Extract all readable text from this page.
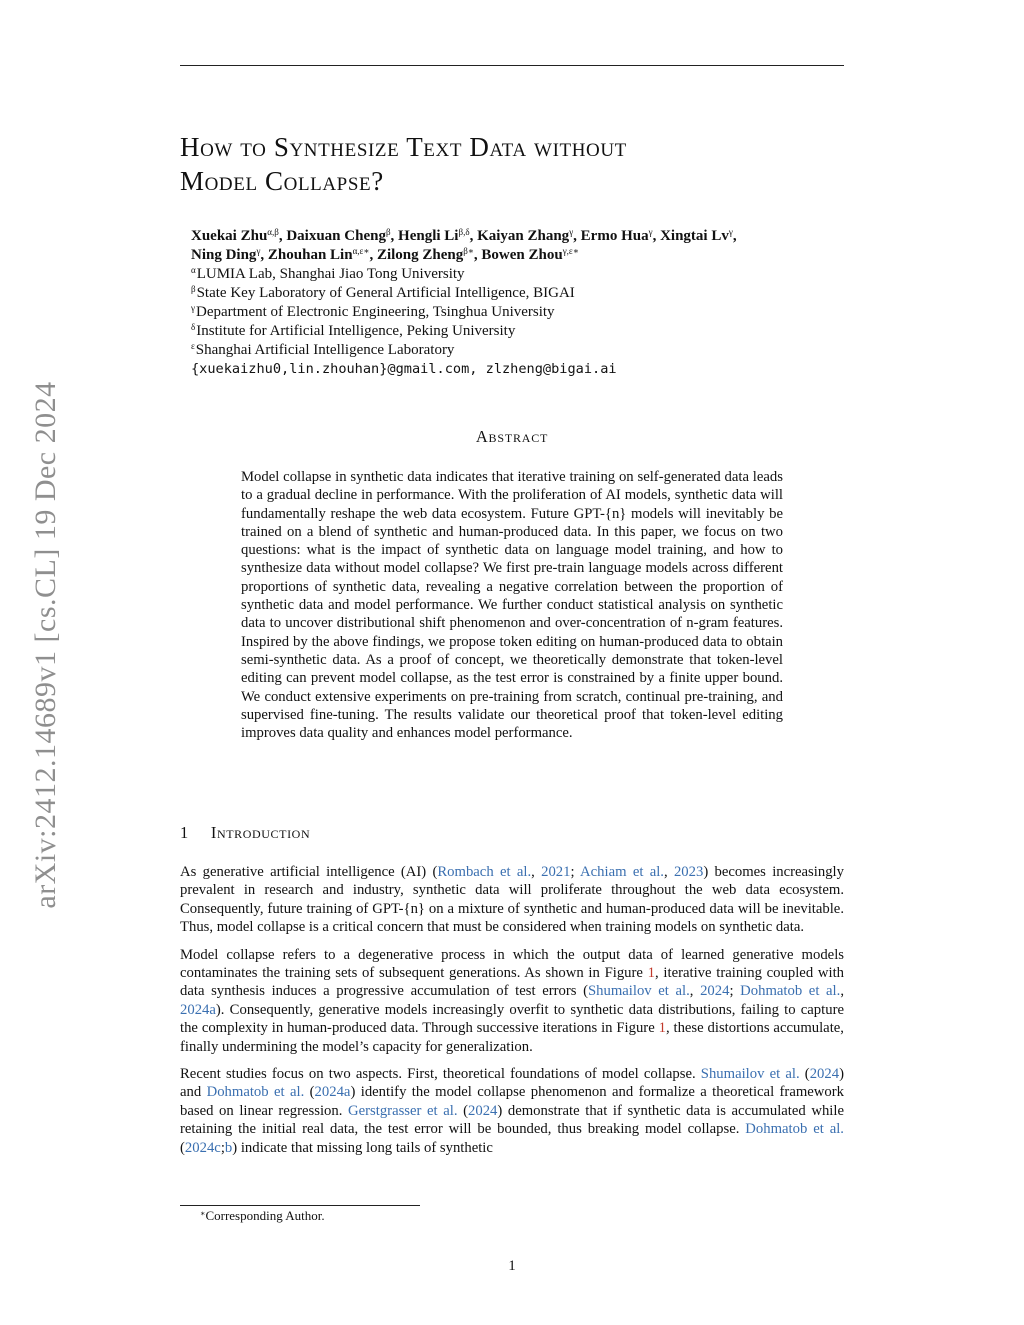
arXiv:2412.14689v1 [cs.CL] 19 Dec 2024
How to Synthesize Text Data without
Model Collapse?
Xuekai Zhu$^{\alpha,\beta}$, Daixuan Cheng$^\beta$, Hengli $Li^{\beta,\delta}$, Kaiyan Zhang$^\gamma$, Ermo Hua$^\gamma$, Xingtai $Lv^\gamma$,
Ning Ding$^\gamma$, Zhouhan Lin$^{\alpha,\varepsilon∗}$, Zilong Zheng$^{\beta∗}$, Bowen Zhou$^{\gamma,\varepsilon∗}$
$^\alpha$LUMIA Lab, Shanghai Jiao Tong University
$^\beta$State Key Laboratory of General Artificial Intelligence, BIGAI
$^\gamma$Department of Electronic Engineering, Tsinghua University
$^\delta$Institute for Artificial Intelligence, Peking University
$^\varepsilon$Shanghai Artificial Intelligence Laboratory
{xuekaizhu0,lin.zhouhan}@gmail.com, zlzheng@bigai.ai
Abstract

Model collapse in synthetic data indicates that iterative training on self-generated data leads to a gradual decline in performance. With the proliferation of AI models, synthetic data will fundamentally reshape the web data ecosystem. Future GPT-{n} models will inevitably be trained on a blend of synthetic and human-produced data. In this paper, we focus on two questions: what is the impact of synthetic data on language model training, and how to synthesize data without model collapse? We first pre-train language models across different proportions of synthetic data, revealing a negative correlation between the proportion of synthetic data and model performance. We further conduct statistical analysis on synthetic data to uncover distributional shift phenomenon and over-concentration of n-gram features. Inspired by the above findings, we propose token editing on human-produced data to obtain semi-synthetic data. As a proof of concept, we theoretically demonstrate that token-level editing can prevent model collapse, as the test error is constrained by a finite upper bound. We conduct extensive experiments on pre-training from scratch, continual pre-training, and supervised fine-tuning. The results validate our theoretical proof that token-level editing improves data quality and enhances model performance.

1 Introduction

As generative artificial intelligence (AI) (Rombach et al., 2021; Achiam et al., 2023) becomes increasingly prevalent in research and industry, synthetic data will proliferate throughout the web data ecosystem. Consequently, future training of GPT-{n} on a mixture of synthetic and human-produced data will be inevitable. Thus, model collapse is a critical concern that must be considered when training models on synthetic data.

Model collapse refers to a degenerative process in which the output data of learned generative models contaminates the training sets of subsequent generations. As shown in Figure 1, iterative training coupled with data synthesis induces a progressive accumulation of test errors (Shumailov et al., 2024; Dohmatob et al., 2024a). Consequently, generative models increasingly overfit to synthetic data distributions, failing to capture the complexity in human-produced data. Through successive iterations in Figure 1, these distortions accumulate, finally undermining the model’s capacity for generalization.

Recent studies focus on two aspects. First, theoretical foundations of model collapse. Shumailov et al. (2024) and Dohmatob et al. (2024a) identify the model collapse phenomenon and formalize a theoretical framework based on linear regression. Gerstgrasser et al. (2024) demonstrate that if synthetic data is accumulated while retaining the initial real data, the test error will be bounded, thus breaking model collapse. Dohmatob et al. (2024c;b) indicate that missing long tails of synthetic

∗Corresponding Author.
1
